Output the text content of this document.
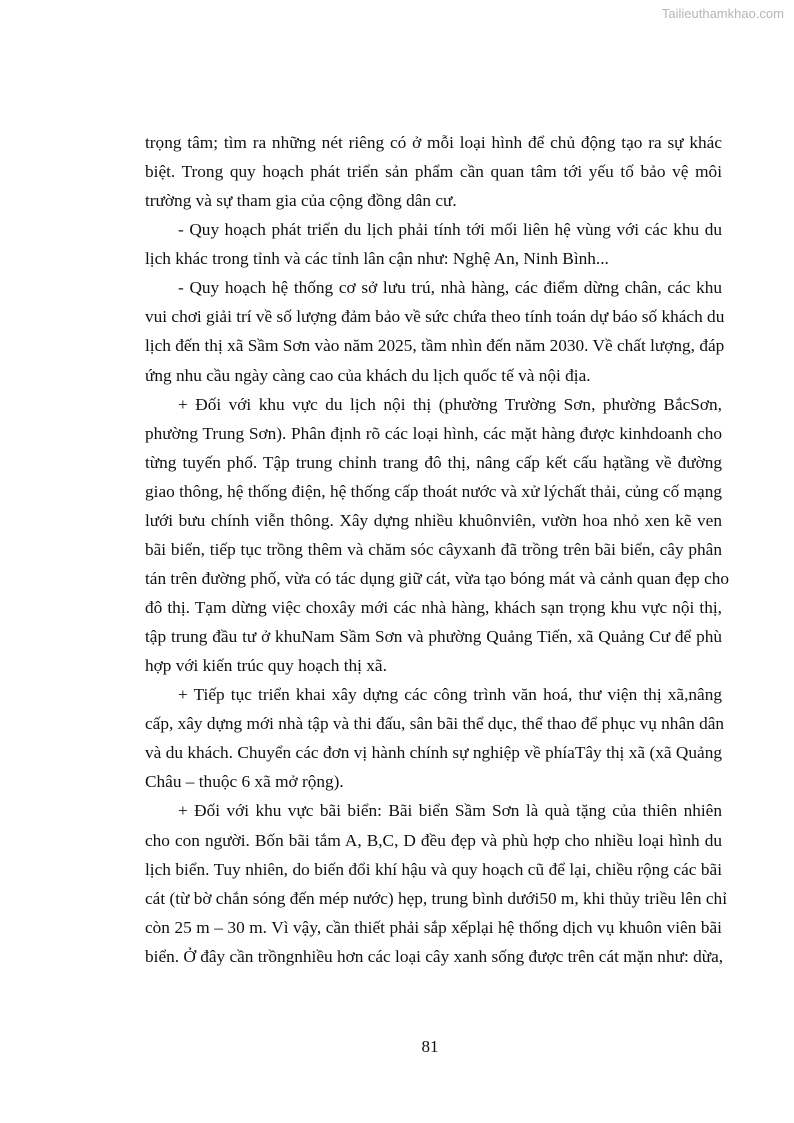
Tailieuthamkhao.com
trọng tâm; tìm ra những nét riêng có ở mỗi loại hình để chủ động tạo ra sự khác
biệt. Trong quy hoạch phát triển sản phẩm cần quan tâm tới yếu tố bảo vệ môi
trường và sự tham gia của cộng đồng dân cư.
- Quy hoạch phát triển du lịch phải tính tới mối liên hệ vùng với các khu du
lịch khác trong tỉnh và các tỉnh lân cận như: Nghệ An, Ninh Bình...
- Quy hoạch hệ thống cơ sở lưu trú, nhà hàng, các điểm dừng chân, các khu
vui chơi giải trí về số lượng đảm bảo về sức chứa theo tính toán dự báo số khách du
lịch đến thị xã Sầm Sơn vào năm 2025, tầm nhìn đến năm 2030. Về chất lượng, đáp
ứng nhu cầu ngày càng cao của khách du lịch quốc tế và nội địa.
+ Đối với khu vực du lịch nội thị (phường Trường Sơn, phường BắcSơn,
phường Trung Sơn). Phân định rõ các loại hình, các mặt hàng được kinhdoanh cho
từng tuyến phố. Tập trung chỉnh trang đô thị, nâng cấp kết cấu hạtầng về đường
giao thông, hệ thống điện, hệ thống cấp thoát nước và xử lýchất thải, củng cố mạng
lưới bưu chính viễn thông. Xây dựng nhiều khuônviên, vườn hoa nhỏ xen kẽ ven
bãi biển, tiếp tục trồng thêm và chăm sóc câyxanh đã trồng trên bãi biển, cây phân
tán trên đường phố, vừa có tác dụng giữ cát, vừa tạo bóng mát và cảnh quan đẹp cho
đô thị. Tạm dừng việc choxây mới các nhà hàng, khách sạn trọng khu vực nội thị,
tập trung đầu tư ở khuNam Sầm Sơn và phường Quảng Tiến, xã Quảng Cư để phù
hợp với kiến trúc quy hoạch thị xã.
+ Tiếp tục triển khai xây dựng các công trình văn hoá, thư viện thị xã,nâng
cấp, xây dựng mới nhà tập và thi đấu, sân bãi thể dục, thể thao để phục vụ nhân dân
và du khách. Chuyển các đơn vị hành chính sự nghiệp về phíaTây thị xã (xã Quảng
Châu – thuộc 6 xã mở rộng).
+ Đối với khu vực bãi biển: Bãi biển Sầm Sơn là quà tặng của thiên nhiên
cho con người. Bốn bãi tắm A, B,C, D đều đẹp và phù hợp cho nhiều loại hình du
lịch biển. Tuy nhiên, do biến đổi khí hậu và quy hoạch cũ để lại, chiều rộng các bãi
cát (từ bờ chắn sóng đến mép nước) hẹp, trung bình dưới50 m, khi thủy triều lên chỉ
còn 25 m – 30 m. Vì vậy, cần thiết phải sắp xếplại hệ thống dịch vụ khuôn viên bãi
biển. Ở đây cần trồngnhiều hơn các loại cây xanh sống được trên cát mặn như: dừa,
81
